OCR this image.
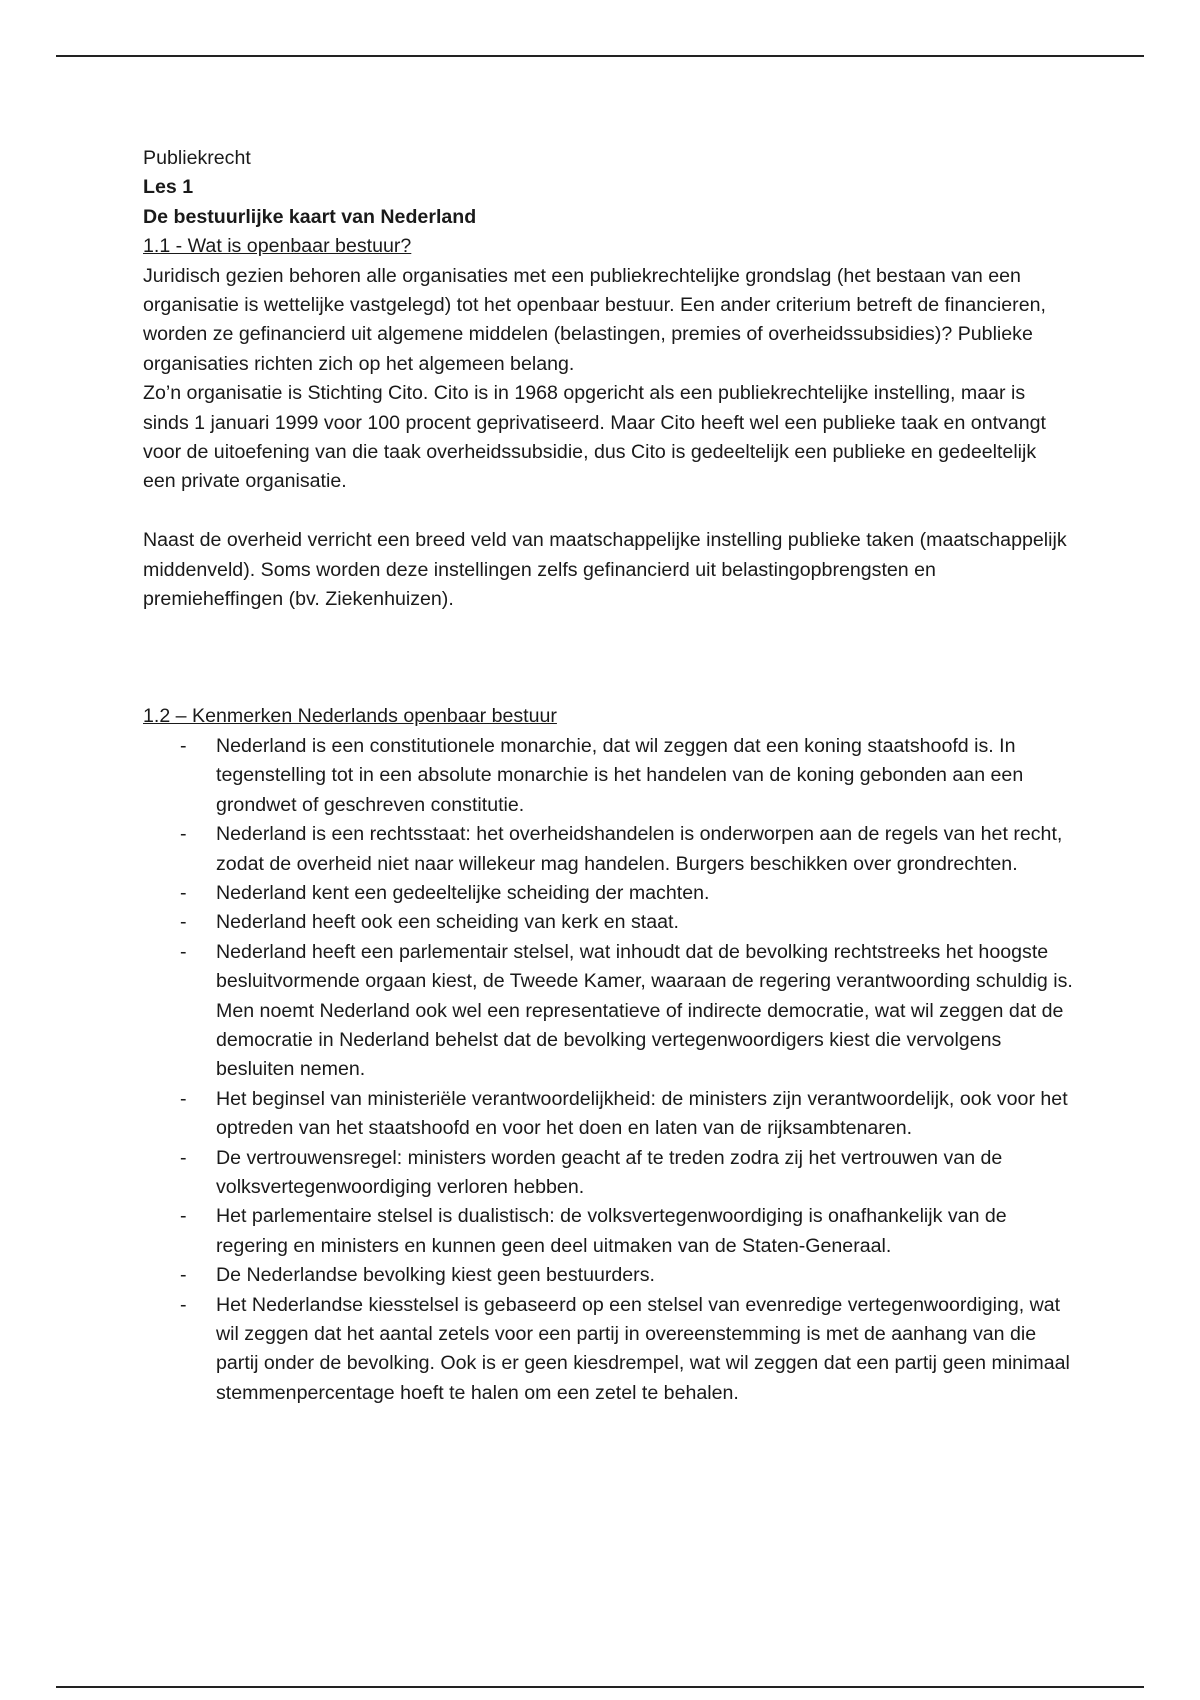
Publiekrecht

Les 1

De bestuurlijke kaart van Nederland

1.1 - Wat is openbaar bestuur?

Juridisch gezien behoren alle organisaties met een publiekrechtelijke grondslag (het bestaan van een organisatie is wettelijke vastgelegd) tot het openbaar bestuur. Een ander criterium betreft de financieren, worden ze gefinancierd uit algemene middelen (belastingen, premies of overheidssubsidies)? Publieke organisaties richten zich op het algemeen belang.

Zo’n organisatie is Stichting Cito. Cito is in 1968 opgericht als een publiekrechtelijke instelling, maar is sinds 1 januari 1999 voor 100 procent geprivatiseerd. Maar Cito heeft wel een publieke taak en ontvangt voor de uitoefening van die taak overheidssubsidie, dus Cito is gedeeltelijk een publieke en gedeeltelijk een private organisatie.

Naast de overheid verricht een breed veld van maatschappelijke instelling publieke taken (maatschappelijk middenveld). Soms worden deze instellingen zelfs gefinancierd uit belastingopbrengsten en premieheffingen (bv. Ziekenhuizen).

1.2 – Kenmerken Nederlands openbaar bestuur

- Nederland is een constitutionele monarchie, dat wil zeggen dat een koning staatshoofd is. In tegenstelling tot in een absolute monarchie is het handelen van de koning gebonden aan een grondwet of geschreven constitutie.
- Nederland is een rechtsstaat: het overheidshandelen is onderworpen aan de regels van het recht, zodat de overheid niet naar willekeur mag handelen. Burgers beschikken over grondrechten.
- Nederland kent een gedeeltelijke scheiding der machten.
- Nederland heeft ook een scheiding van kerk en staat.
- Nederland heeft een parlementair stelsel, wat inhoudt dat de bevolking rechtstreeks het hoogste besluitvormende orgaan kiest, de Tweede Kamer, waaraan de regering verantwoording schuldig is. Men noemt Nederland ook wel een representatieve of indirecte democratie, wat wil zeggen dat de democratie in Nederland behelst dat de bevolking vertegenwoordigers kiest die vervolgens besluiten nemen.
- Het beginsel van ministeriële verantwoordelijkheid: de ministers zijn verantwoordelijk, ook voor het optreden van het staatshoofd en voor het doen en laten van de rijksambtenaren.
- De vertrouwensregel: ministers worden geacht af te treden zodra zij het vertrouwen van de volksvertegenwoordiging verloren hebben.
- Het parlementaire stelsel is dualistisch: de volksvertegenwoordiging is onafhankelijk van de regering en ministers en kunnen geen deel uitmaken van de Staten-Generaal.
- De Nederlandse bevolking kiest geen bestuurders.
- Het Nederlandse kiesstelsel is gebaseerd op een stelsel van evenredige vertegenwoordiging, wat wil zeggen dat het aantal zetels voor een partij in overeenstemming is met de aanhang van die partij onder de bevolking. Ook is er geen kiesdrempel, wat wil zeggen dat een partij geen minimaal stemmenpercentage hoeft te halen om een zetel te behalen.
